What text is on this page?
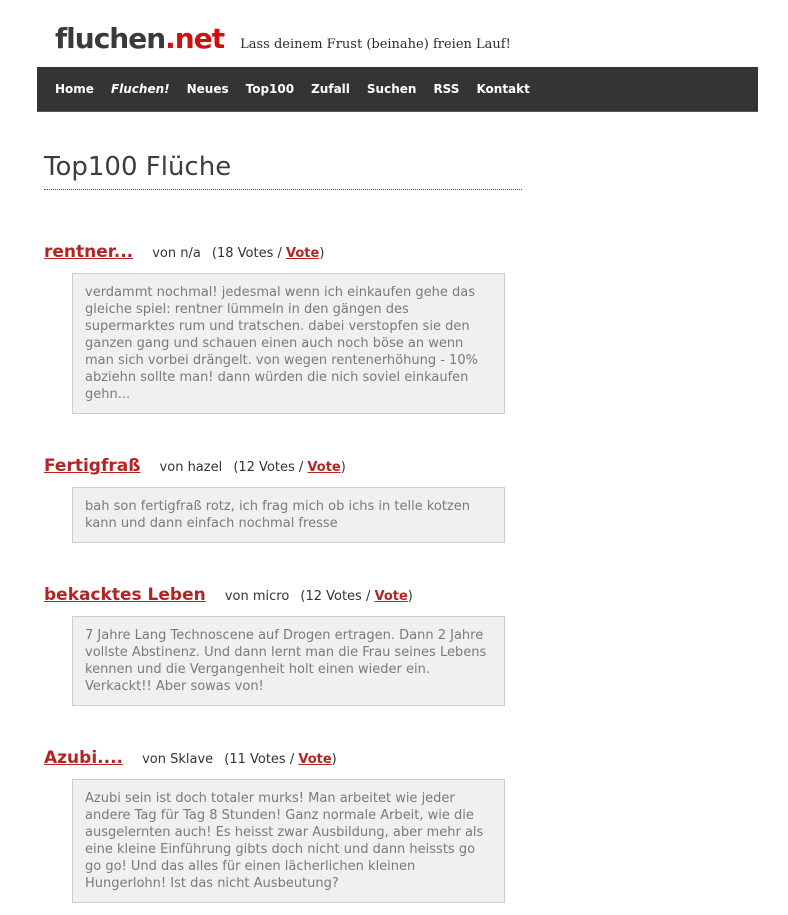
fluchen.net Lass deinem Frust (beinahe) freien Lauf!
Home Fluchen! Neues Top100 Zufall Suchen RSS Kontakt
Top100 Flüche
rentner... von n/a (18 Votes / Vote)
verdammt nochmal! jedesmal wenn ich einkaufen gehe das gleiche spiel: rentner lümmeln in den gängen des supermarktes rum und tratschen. dabei verstopfen sie den ganzen gang und schauen einen auch noch böse an wenn man sich vorbei drängelt. von wegen rentenerhöhung - 10% abziehn sollte man! dann würden die nich soviel einkaufen gehn...
Fertigfraß von hazel (12 Votes / Vote)
bah son fertigfraß rotz, ich frag mich ob ichs in telle kotzen kann und dann einfach nochmal fresse
bekacktes Leben von micro (12 Votes / Vote)
7 Jahre Lang Technoscene auf Drogen ertragen. Dann 2 Jahre vollste Abstinenz. Und dann lernt man die Frau seines Lebens kennen und die Vergangenheit holt einen wieder ein. Verkackt!! Aber sowas von!
Azubi.... von Sklave (11 Votes / Vote)
Azubi sein ist doch totaler murks! Man arbeitet wie jeder andere Tag für Tag 8 Stunden! Ganz normale Arbeit, wie die ausgelernten auch! Es heisst zwar Ausbildung, aber mehr als eine kleine Einführung gibts doch nicht und dann heissts go go go! Und das alles für einen lächerlichen kleinen Hungerlohn! Ist das nicht Ausbeutung?
